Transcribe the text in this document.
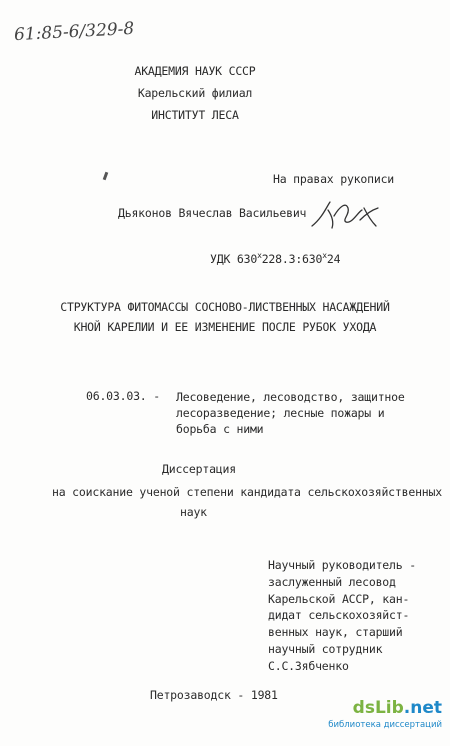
61:85-6/329-8
АКАДЕМИЯ НАУК СССР
Карельский филиал
ИНСТИТУТ ЛЕСА
На правах рукописи
Дьяконов Вячеслав Васильевич
УДК 630$^x$228.3:630$^x$24
СТРУКТУРА ФИТОМАССЫ СОСНОВО-ЛИСТВЕННЫХ НАСАЖДЕНИЙ
КНОЙ КАРЕЛИИ И ЕЕ ИЗМЕНЕНИЕ ПОСЛЕ РУБОК УХОДА
06.03.03. - Лесоведение, лесоводство, защитное
лесоразведение; лесные пожары и
борьба с ними
Диссертация
на соискание ученой степени кандидата сельскохозяйственных
наук
Научный руководитель -
заслуженный лесовод
Карельской АССР, кан-
дидат сельскохозяйст-
венных наук, старший
научный сотрудник
С.С.Зябченко
Петрозаводск - 1981
dsLib.net
библиотека диссертаций
